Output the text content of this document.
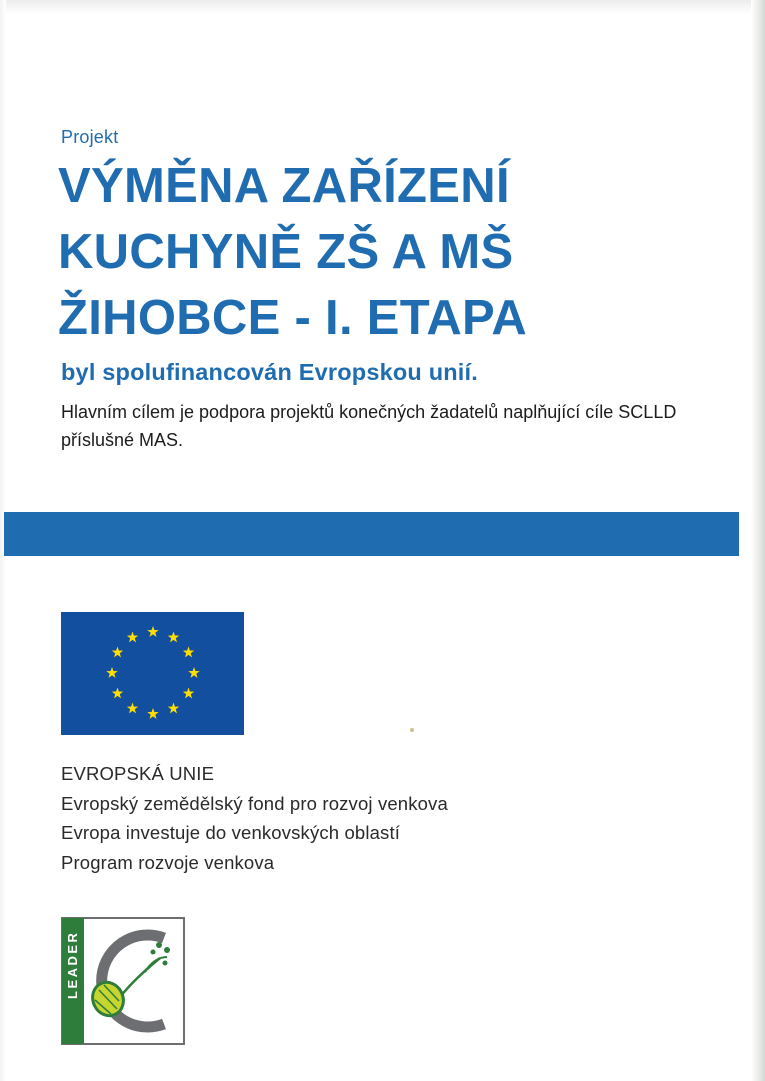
Projekt
VÝMĚNA ZAŘÍZENÍ
KUCHYNĚ ZŠ A MŠ
ŽIHOBCE - I. ETAPA
byl spolufinancován Evropskou unií.
Hlavním cílem je podpora projektů konečných žadatelů naplňující cíle SCLLD příslušné MAS.
EVROPSKÁ UNIE
Evropský zemědělský fond pro rozvoj venkova
Evropa investuje do venkovských oblastí
Program rozvoje venkova
LEADER
